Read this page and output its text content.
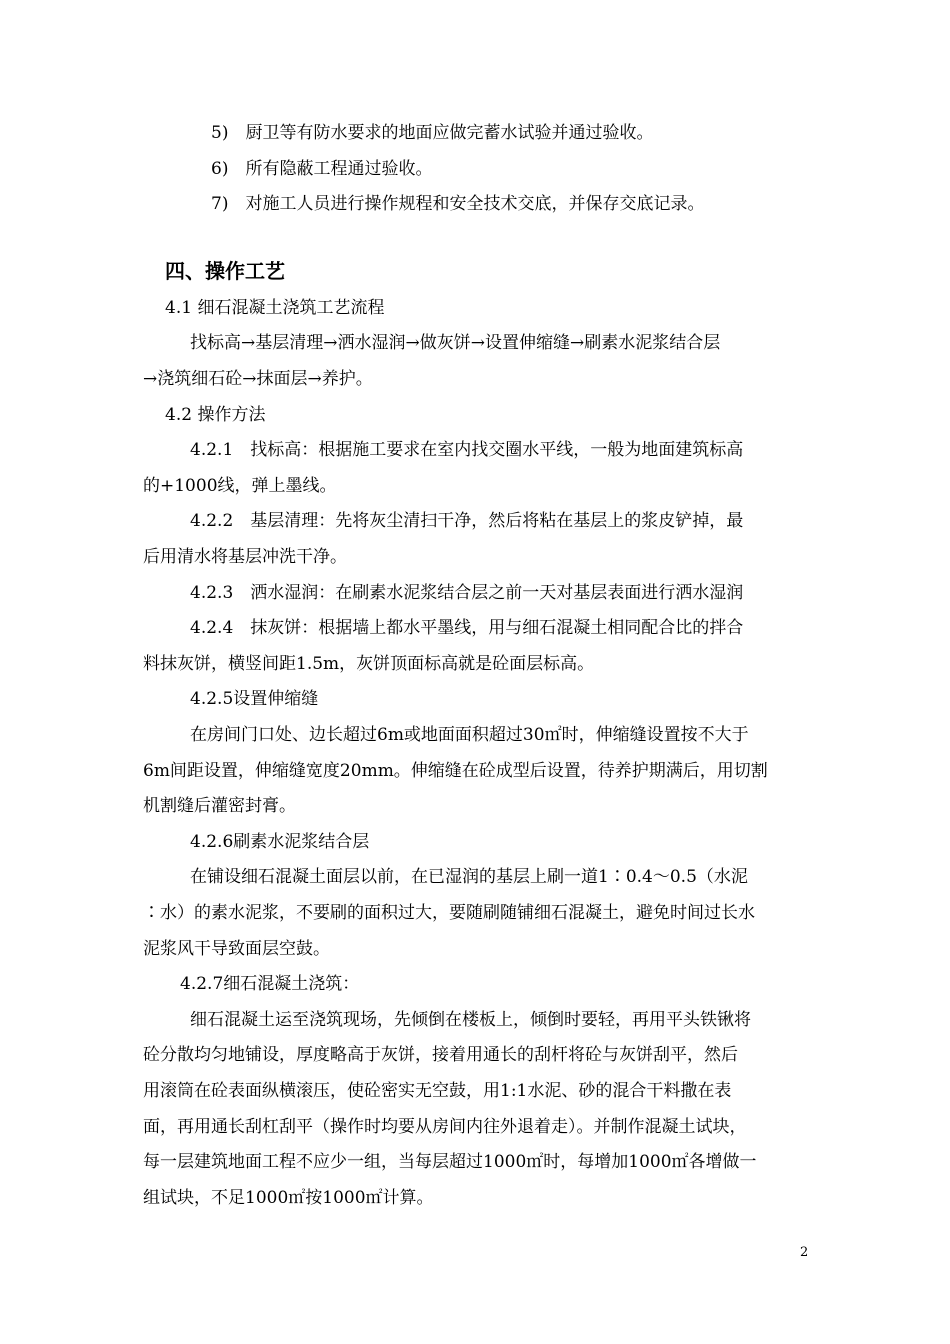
5)　厨卫等有防水要求的地面应做完蓄水试验并通过验收。
6)　所有隐蔽工程通过验收。
7)　对施工人员进行操作规程和安全技术交底，并保存交底记录。
四、操作工艺
4.1 细石混凝土浇筑工艺流程
找标高→基层清理→洒水湿润→做灰饼→设置伸缩缝→刷素水泥浆结合层
→浇筑细石砼→抹面层→养护。
4.2 操作方法
4.2.1　找标高：根据施工要求在室内找交圈水平线，一般为地面建筑标高
的+1000线，弹上墨线。
4.2.2　基层清理：先将灰尘清扫干净，然后将粘在基层上的浆皮铲掉，最
后用清水将基层冲洗干净。
4.2.3　洒水湿润：在刷素水泥浆结合层之前一天对基层表面进行洒水湿润
4.2.4　抹灰饼：根据墙上都水平墨线，用与细石混凝土相同配合比的拌合
料抹灰饼，横竖间距1.5m，灰饼顶面标高就是砼面层标高。
4.2.5设置伸缩缝
在房间门口处、边长超过6m或地面面积超过30㎡时，伸缩缝设置按不大于
6m间距设置，伸缩缝宽度20mm。伸缩缝在砼成型后设置，待养护期满后，用切割
机割缝后灌密封膏。
4.2.6刷素水泥浆结合层
在铺设细石混凝土面层以前，在已湿润的基层上刷一道1∶0.4～0.5（水泥
∶水）的素水泥浆，不要刷的面积过大，要随刷随铺细石混凝土，避免时间过长水
泥浆风干导致面层空鼓。
4.2.7细石混凝土浇筑：
细石混凝土运至浇筑现场，先倾倒在楼板上，倾倒时要轻，再用平头铁锹将
砼分散均匀地铺设，厚度略高于灰饼，接着用通长的刮杆将砼与灰饼刮平，然后
用滚筒在砼表面纵横滚压，使砼密实无空鼓，用1:1水泥、砂的混合干料撒在表
面，再用通长刮杠刮平（操作时均要从房间内往外退着走）。并制作混凝土试块，
每一层建筑地面工程不应少一组，当每层超过1000㎡时，每增加1000㎡各增做一
组试块，不足1000㎡按1000㎡计算。
2
